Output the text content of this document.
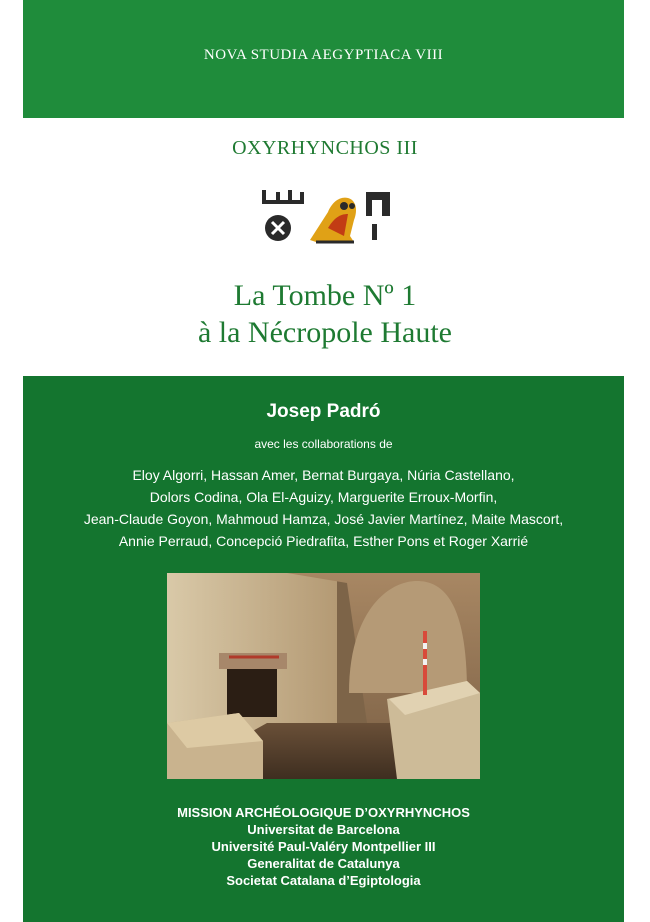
NOVA STUDIA AEGYPTIACA VIII
OXYRHYNCHOS III
La Tombe Nº 1
à la Nécropole Haute
Josep Padró
avec les collaborations de
Eloy Algorri, Hassan Amer, Bernat Burgaya, Núria Castellano,
Dolors Codina, Ola El-Aguizy, Marguerite Erroux-Morfin,
Jean-Claude Goyon, Mahmoud Hamza, José Javier Martínez, Maite Mascort,
Annie Perraud, Concepció Piedrafita, Esther Pons et Roger Xarrié
MISSION ARCHÉOLOGIQUE D’OXYRHYNCHOS
Universitat de Barcelona
Université Paul-Valéry Montpellier III
Generalitat de Catalunya
Societat Catalana d’Egiptologia
